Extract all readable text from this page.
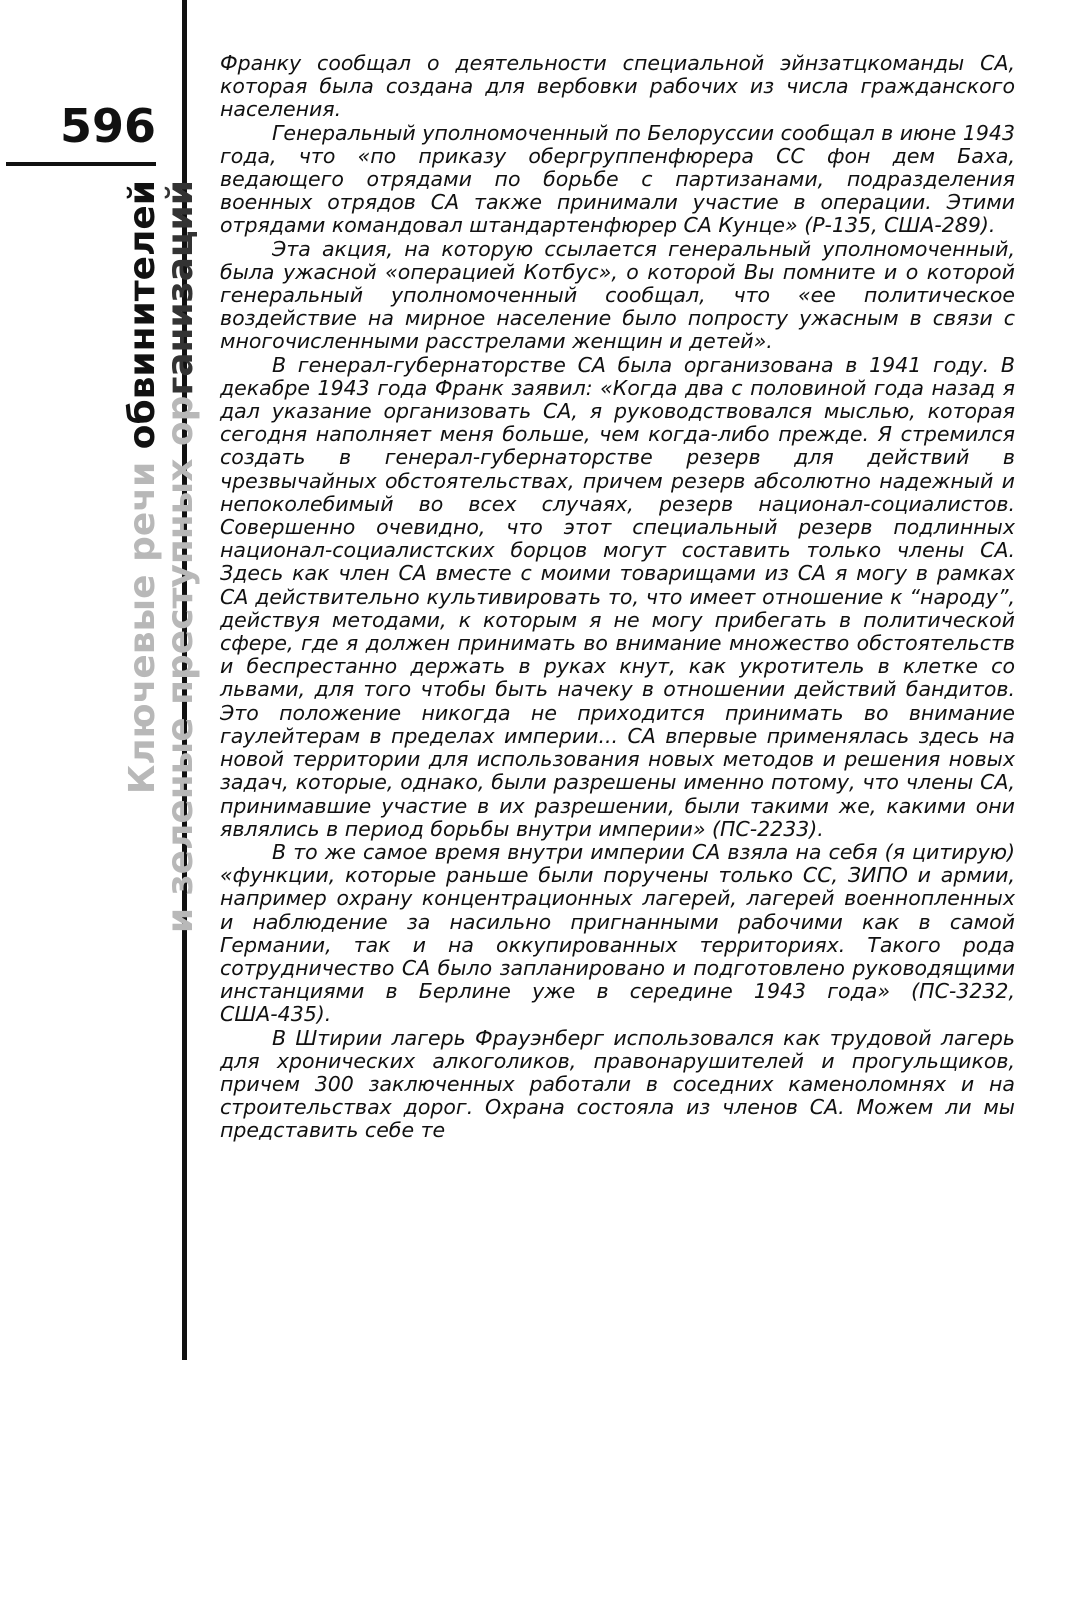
596
Ключевые речи обвинителей
и зеленые преступных организаций

Франку сообщал о деятельности специальной эйнзатцкоманды СА, которая была создана для вербовки рабочих из числа гражданского населения.

Генеральный уполномоченный по Белоруссии сообщал в июне 1943 года, что «по приказу обергруппенфюрера СС фон дем Баха, ведающего отрядами по борьбе с партизанами, подразделения военных отрядов СА также принимали участие в операции. Этими отрядами командовал штандартенфюрер СА Кунце» (Р-135, США-289).

Эта акция, на которую ссылается генеральный уполномоченный, была ужасной «операцией Котбус», о которой Вы помните и о которой генеральный уполномоченный сообщал, что «ее политическое воздействие на мирное население было попросту ужасным в связи с многочисленными расстрелами женщин и детей».

В генерал-губернаторстве СА была организована в 1941 году. В декабре 1943 года Франк заявил: «Когда два с половиной года назад я дал указание организовать СА, я руководствовался мыслью, которая сегодня наполняет меня больше, чем когда-либо прежде. Я стремился создать в генерал-губернаторстве резерв для действий в чрезвычайных обстоятельствах, причем резерв абсолютно надежный и непоколебимый во всех случаях, резерв национал-социалистов. Совершенно очевидно, что этот специальный резерв подлинных национал-социалистских борцов могут составить только члены СА. Здесь как член СА вместе с моими товарищами из СА я могу в рамках СА действительно культивировать то, что имеет отношение к “народу”, действуя методами, к которым я не могу прибегать в политической сфере, где я должен принимать во внимание множество обстоятельств и беспрестанно держать в руках кнут, как укротитель в клетке со львами, для того чтобы быть начеку в отношении действий бандитов. Это положение никогда не приходится принимать во внимание гаулейтерам в пределах империи... СА впервые применялась здесь на новой территории для использования новых методов и решения новых задач, которые, однако, были разрешены именно потому, что члены СА, принимавшие участие в их разрешении, были такими же, какими они являлись в период борьбы внутри империи» (ПС-2233).

В то же самое время внутри империи СА взяла на себя (я цитирую) «функции, которые раньше были поручены только СС, ЗИПО и армии, например охрану концентрационных лагерей, лагерей военнопленных и наблюдение за насильно пригнанными рабочими как в самой Германии, так и на оккупированных территориях. Такого рода сотрудничество СА было запланировано и подготовлено руководящими инстанциями в Берлине уже в середине 1943 года» (ПС-3232, США-435).

В Штирии лагерь Фрауэнберг использовался как трудовой лагерь для хронических алкоголиков, правонарушителей и прогульщиков, причем 300 заключенных работали в соседних каменоломнях и на строительствах дорог. Охрана состояла из членов СА. Можем ли мы представить себе те
